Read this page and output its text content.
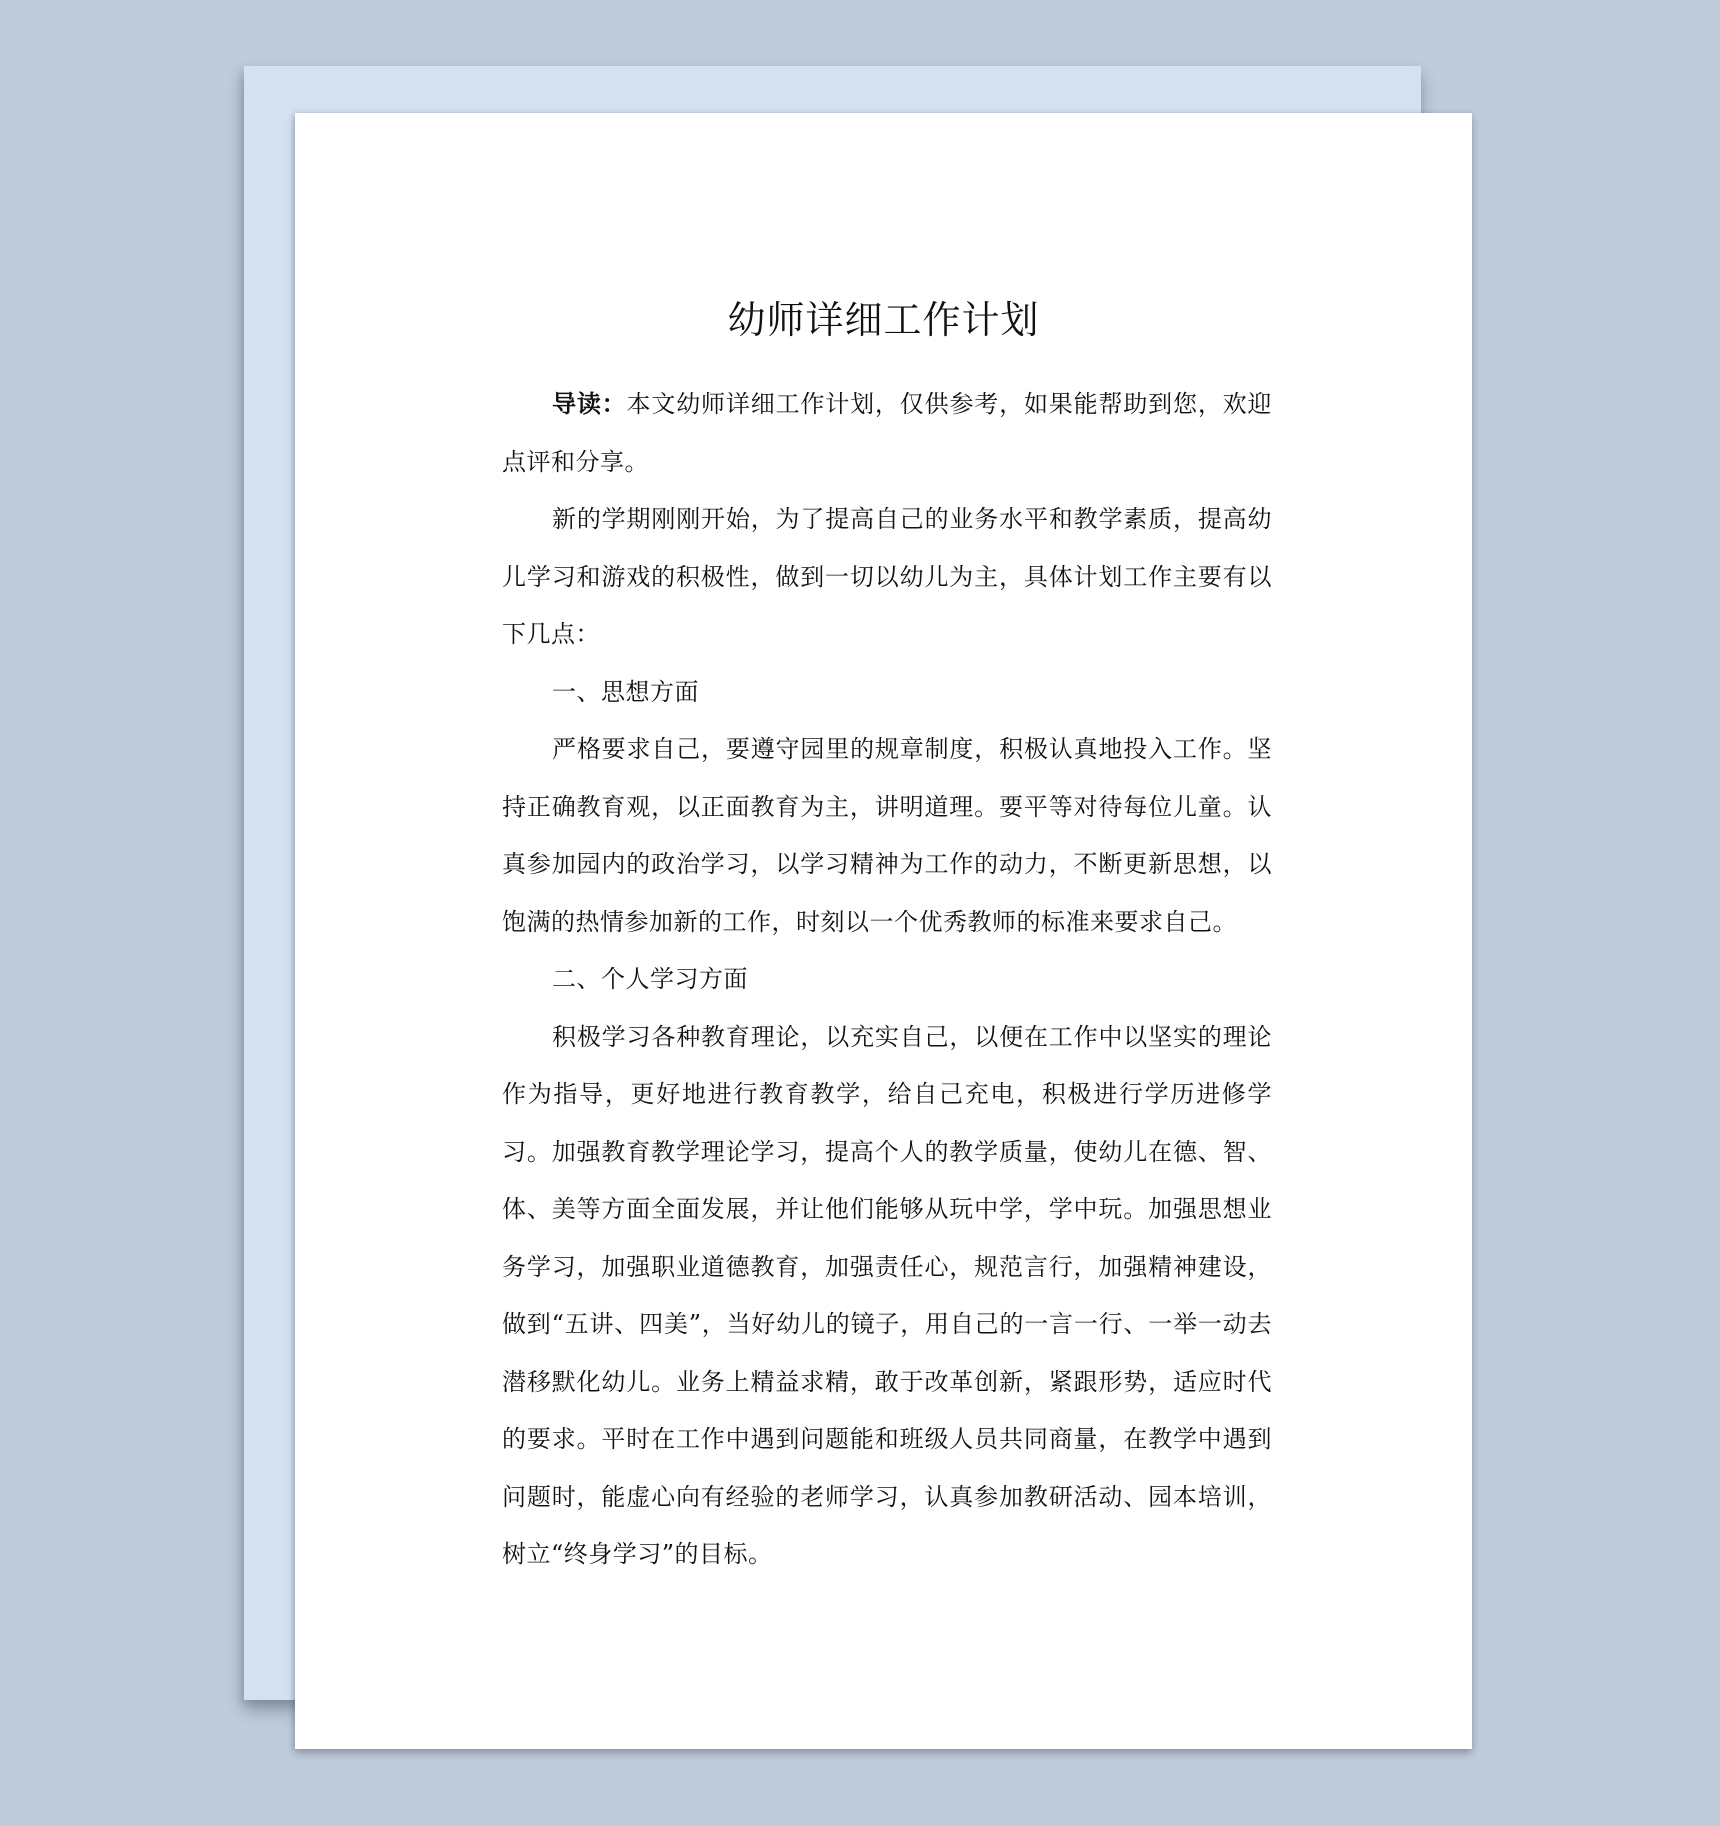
幼师详细工作计划

导读：本文幼师详细工作计划，仅供参考，如果能帮助到您，欢迎点评和分享。

新的学期刚刚开始，为了提高自己的业务水平和教学素质，提高幼儿学习和游戏的积极性，做到一切以幼儿为主，具体计划工作主要有以下几点：

一、思想方面

严格要求自己，要遵守园里的规章制度，积极认真地投入工作。坚持正确教育观，以正面教育为主，讲明道理。要平等对待每位儿童。认真参加园内的政治学习，以学习精神为工作的动力，不断更新思想，以饱满的热情参加新的工作，时刻以一个优秀教师的标准来要求自己。

二、个人学习方面

积极学习各种教育理论，以充实自己，以便在工作中以坚实的理论作为指导，更好地进行教育教学，给自己充电，积极进行学历进修学习。加强教育教学理论学习，提高个人的教学质量，使幼儿在德、智、体、美等方面全面发展，并让他们能够从玩中学，学中玩。加强思想业务学习，加强职业道德教育，加强责任心，规范言行，加强精神建设，做到“五讲、四美”，当好幼儿的镜子，用自己的一言一行、一举一动去潜移默化幼儿。业务上精益求精，敢于改革创新，紧跟形势，适应时代的要求。平时在工作中遇到问题能和班级人员共同商量，在教学中遇到问题时，能虚心向有经验的老师学习，认真参加教研活动、园本培训，树立“终身学习”的目标。
